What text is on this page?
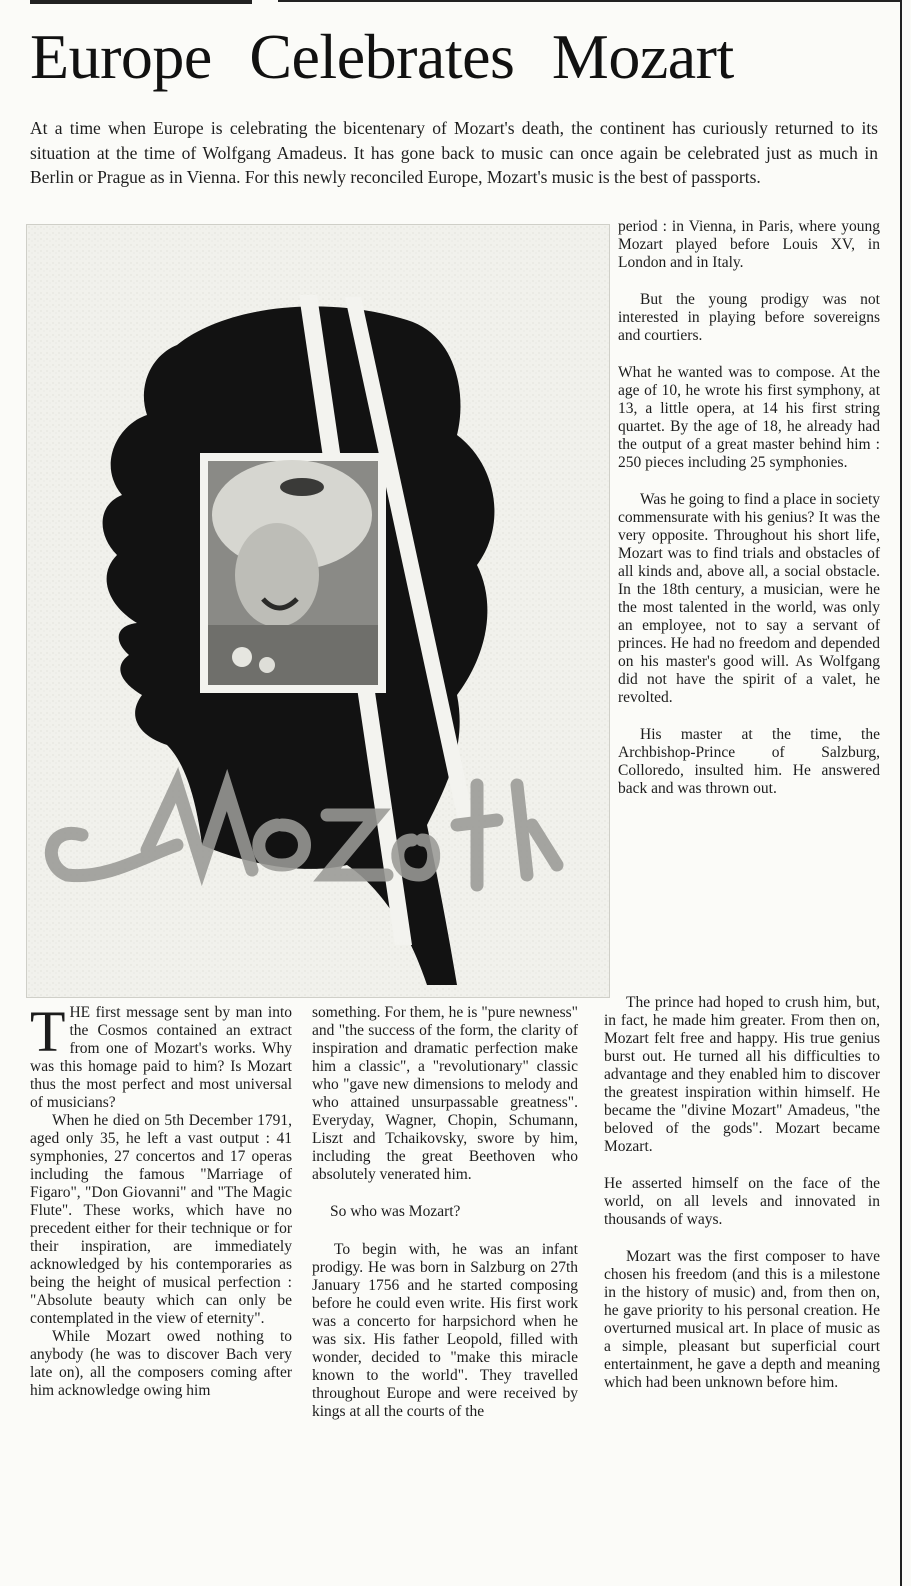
Europe Celebrates Mozart
At a time when Europe is celebrating the bicentenary of Mozart's death, the continent has curiously returned to its situation at the time of Wolfgang Amadeus. It has gone back to music can once again be celebrated just as much in Berlin or Prague as in Vienna. For this newly reconciled Europe, Mozart's music is the best of passports.
Mozart

period : in Vienna, in Paris, where young Mozart played before Louis XV, in London and in Italy.

But the young prodigy was not interested in playing before sovereigns and courtiers.

What he wanted was to compose. At the age of 10, he wrote his first symphony, at 13, a little opera, at 14 his first string quartet. By the age of 18, he already had the output of a great master behind him : 250 pieces including 25 symphonies.

Was he going to find a place in society commensurate with his genius? It was the very opposite. Throughout his short life, Mozart was to find trials and obstacles of all kinds and, above all, a social obstacle. In the 18th century, a musician, were he the most talented in the world, was only an employee, not to say a servant of princes. He had no freedom and depended on his master's good will. As Wolfgang did not have the spirit of a valet, he revolted.

His master at the time, the Archbishop-Prince of Salzburg, Colloredo, insulted him. He answered back and was thrown out.

THE first message sent by man into the Cosmos contained an extract from one of Mozart's works. Why was this homage paid to him? Is Mozart thus the most perfect and most universal of musicians?

When he died on 5th December 1791, aged only 35, he left a vast output : 41 symphonies, 27 concertos and 17 operas including the famous "Marriage of Figaro", "Don Giovanni" and "The Magic Flute". These works, which have no precedent either for their technique or for their inspiration, are immediately acknowledged by his contemporaries as being the height of musical perfection : "Absolute beauty which can only be contemplated in the view of eternity".

While Mozart owed nothing to anybody (he was to discover Bach very late on), all the composers coming after him acknowledge owing him

something. For them, he is "pure newness" and "the success of the form, the clarity of inspiration and dramatic perfection make him a classic", a "revolutionary" classic who "gave new dimensions to melody and who attained unsurpassable greatness". Everyday, Wagner, Chopin, Schumann, Liszt and Tchaikovsky, swore by him, including the great Beethoven who absolutely venerated him.

So who was Mozart?

To begin with, he was an infant prodigy. He was born in Salzburg on 27th January 1756 and he started composing before he could even write. His first work was a concerto for harpsichord when he was six. His father Leopold, filled with wonder, decided to "make this miracle known to the world". They travelled throughout Europe and were received by kings at all the courts of the

The prince had hoped to crush him, but, in fact, he made him greater. From then on, Mozart felt free and happy. His true genius burst out. He turned all his difficulties to advantage and they enabled him to discover the greatest inspiration within himself. He became the "divine Mozart" Amadeus, "the beloved of the gods". Mozart became Mozart.

He asserted himself on the face of the world, on all levels and innovated in thousands of ways.

Mozart was the first composer to have chosen his freedom (and this is a milestone in the history of music) and, from then on, he gave priority to his personal creation. He overturned musical art. In place of music as a simple, pleasant but superficial court entertainment, he gave a depth and meaning which had been unknown before him.
